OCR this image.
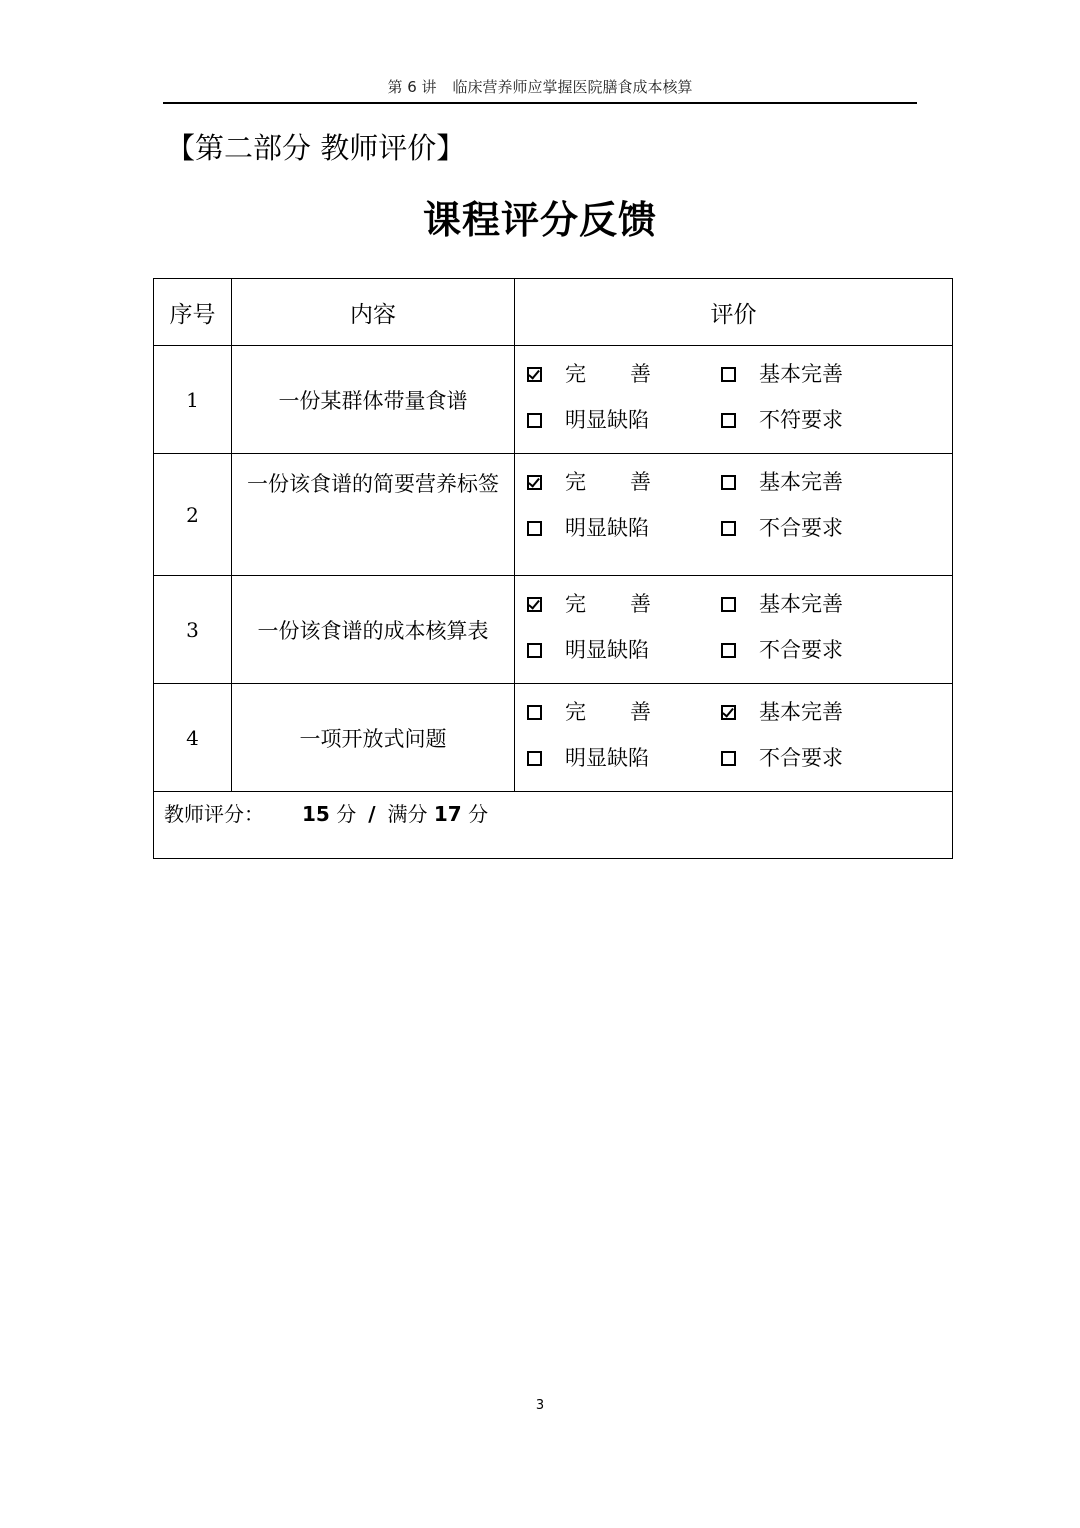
第 6 讲 临床营养师应掌握医院膳食成本核算
【第二部分 教师评价】
课程评分反馈
序号	内容	评价
1	一份某群体带量食谱	完善 基本完善
明显缺陷 不符要求

2	一份该食谱的简要营养标签	完善 基本完善
明显缺陷 不合要求

3	一份该食谱的成本核算表	完善 基本完善
明显缺陷 不合要求

4	一项开放式问题	完善 基本完善
明显缺陷 不合要求

教师评分： 15 分 / 满分 17 分		
3
